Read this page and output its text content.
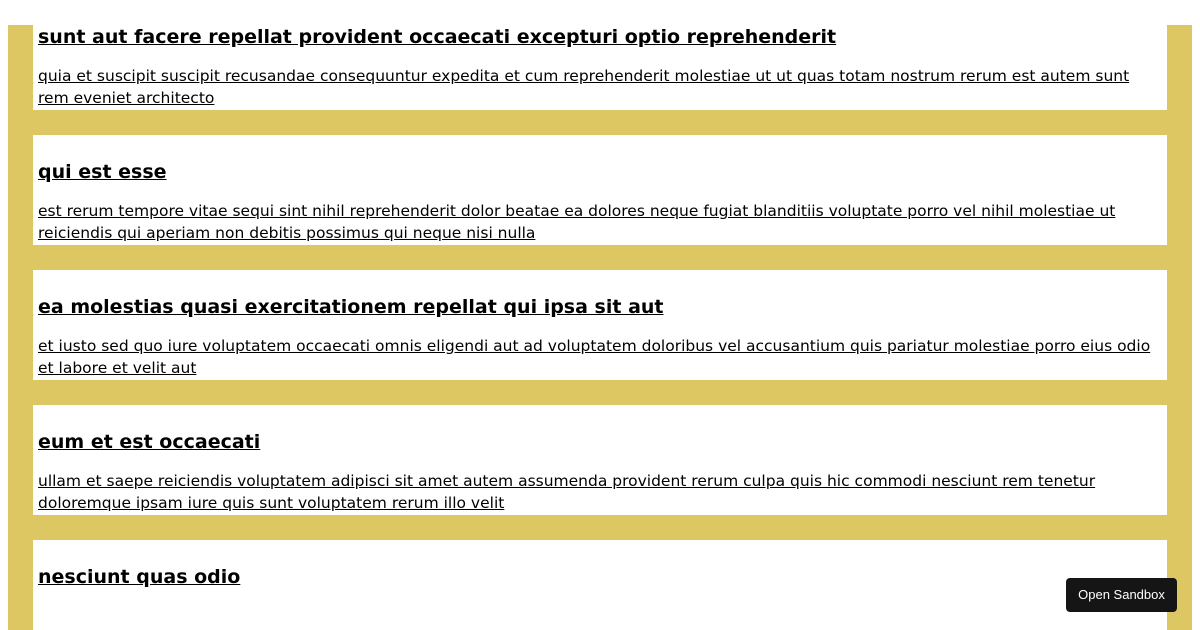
sunt aut facere repellat provident occaecati excepturi optio reprehenderit

quia et suscipit suscipit recusandae consequuntur expedita et cum reprehenderit molestiae ut ut quas totam nostrum rerum est autem sunt rem eveniet architecto

qui est esse

est rerum tempore vitae sequi sint nihil reprehenderit dolor beatae ea dolores neque fugiat blanditiis voluptate porro vel nihil molestiae ut reiciendis qui aperiam non debitis possimus qui neque nisi nulla

ea molestias quasi exercitationem repellat qui ipsa sit aut

et iusto sed quo iure voluptatem occaecati omnis eligendi aut ad voluptatem doloribus vel accusantium quis pariatur molestiae porro eius odio et labore et velit aut

eum et est occaecati

ullam et saepe reiciendis voluptatem adipisci sit amet autem assumenda provident rerum culpa quis hic commodi nesciunt rem tenetur doloremque ipsam iure quis sunt voluptatem rerum illo velit

nesciunt quas odio

Open Sandbox
